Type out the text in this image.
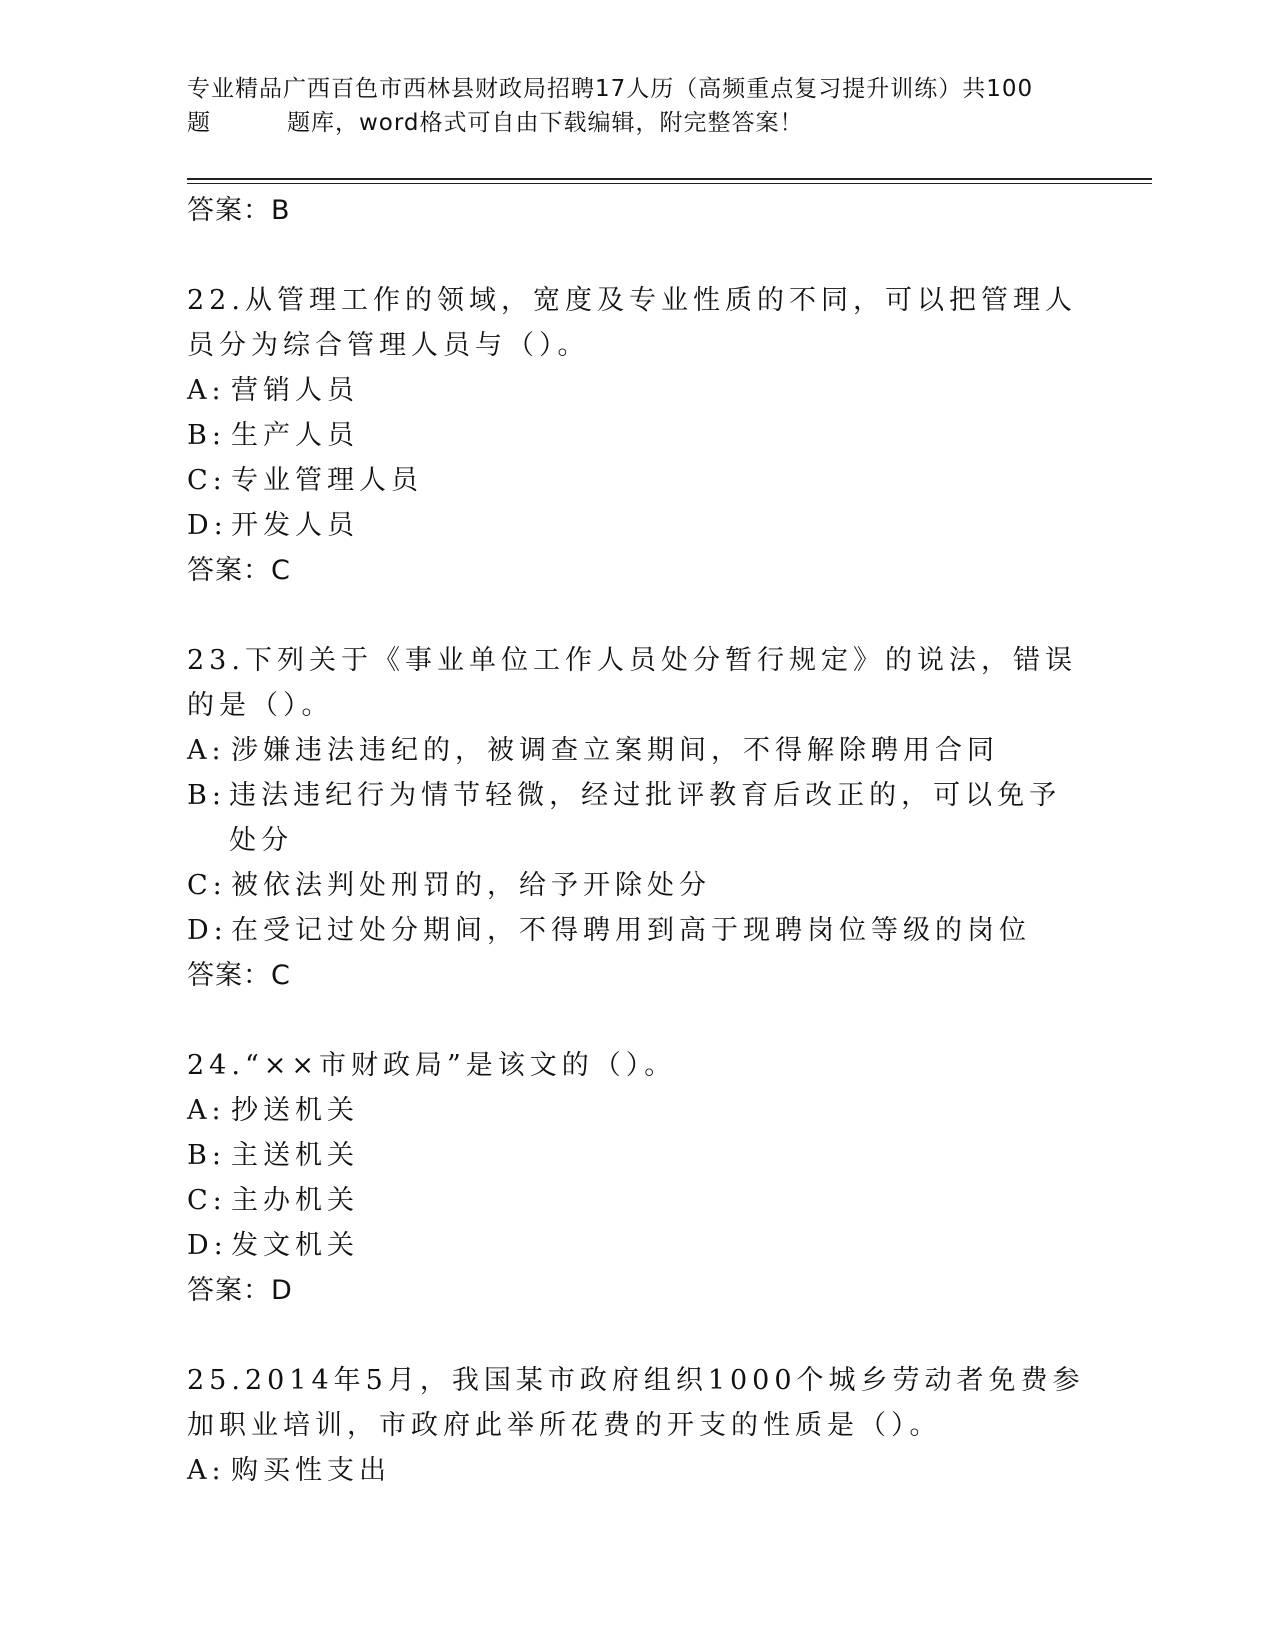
专业精品广西百色市西林县财政局招聘17人历（高频重点复习提升训练）共100
题	题库，word格式可自由下载编辑，附完整答案！
答案：B
22.从管理工作的领域，宽度及专业性质的不同，可以把管理人员分为综合管理人员与（）。
A: 营销人员
B: 生产人员
C: 专业管理人员
D: 开发人员
答案：C
23.下列关于《事业单位工作人员处分暂行规定》的说法，错误的是（）。
A: 涉嫌违法违纪的，被调查立案期间，不得解除聘用合同
B: 违法违纪行为情节轻微，经过批评教育后改正的，可以免予处分
C: 被依法判处刑罚的，给予开除处分
D: 在受记过处分期间，不得聘用到高于现聘岗位等级的岗位
答案：C
24.“××市财政局”是该文的（）。
A: 抄送机关
B: 主送机关
C: 主办机关
D: 发文机关
答案：D
25.2014年5月，我国某市政府组织1000个城乡劳动者免费参加职业培训，市政府此举所花费的开支的性质是（）。
A: 购买性支出
